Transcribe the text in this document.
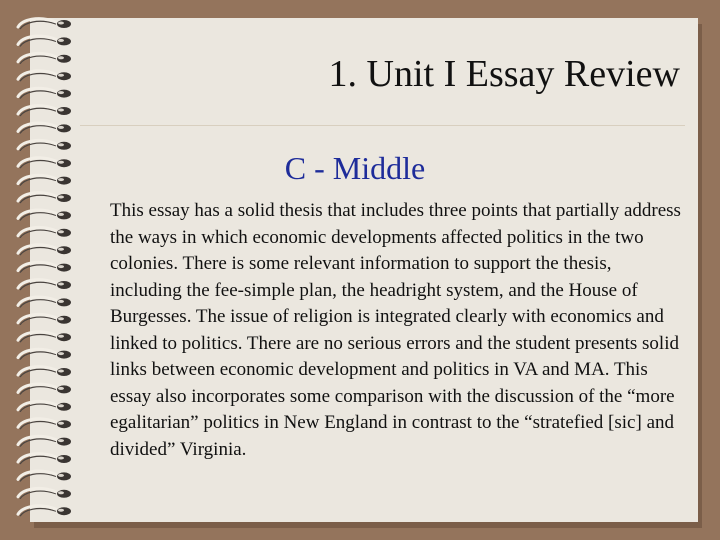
1. Unit I Essay Review
C - Middle

This essay has a solid thesis that includes three points that partially address the ways in which economic developments affected politics in the two colonies. There is some relevant information to support the thesis, including the fee-simple plan, the headright system, and the House of Burgesses. The issue of religion is integrated clearly with economics and linked to politics. There are no serious errors and the student presents solid links between economic development and politics in VA and MA. This essay also incorporates some comparison with the discussion of the “more egalitarian” politics in New England in contrast to the “stratefied [sic] and divided” Virginia.
